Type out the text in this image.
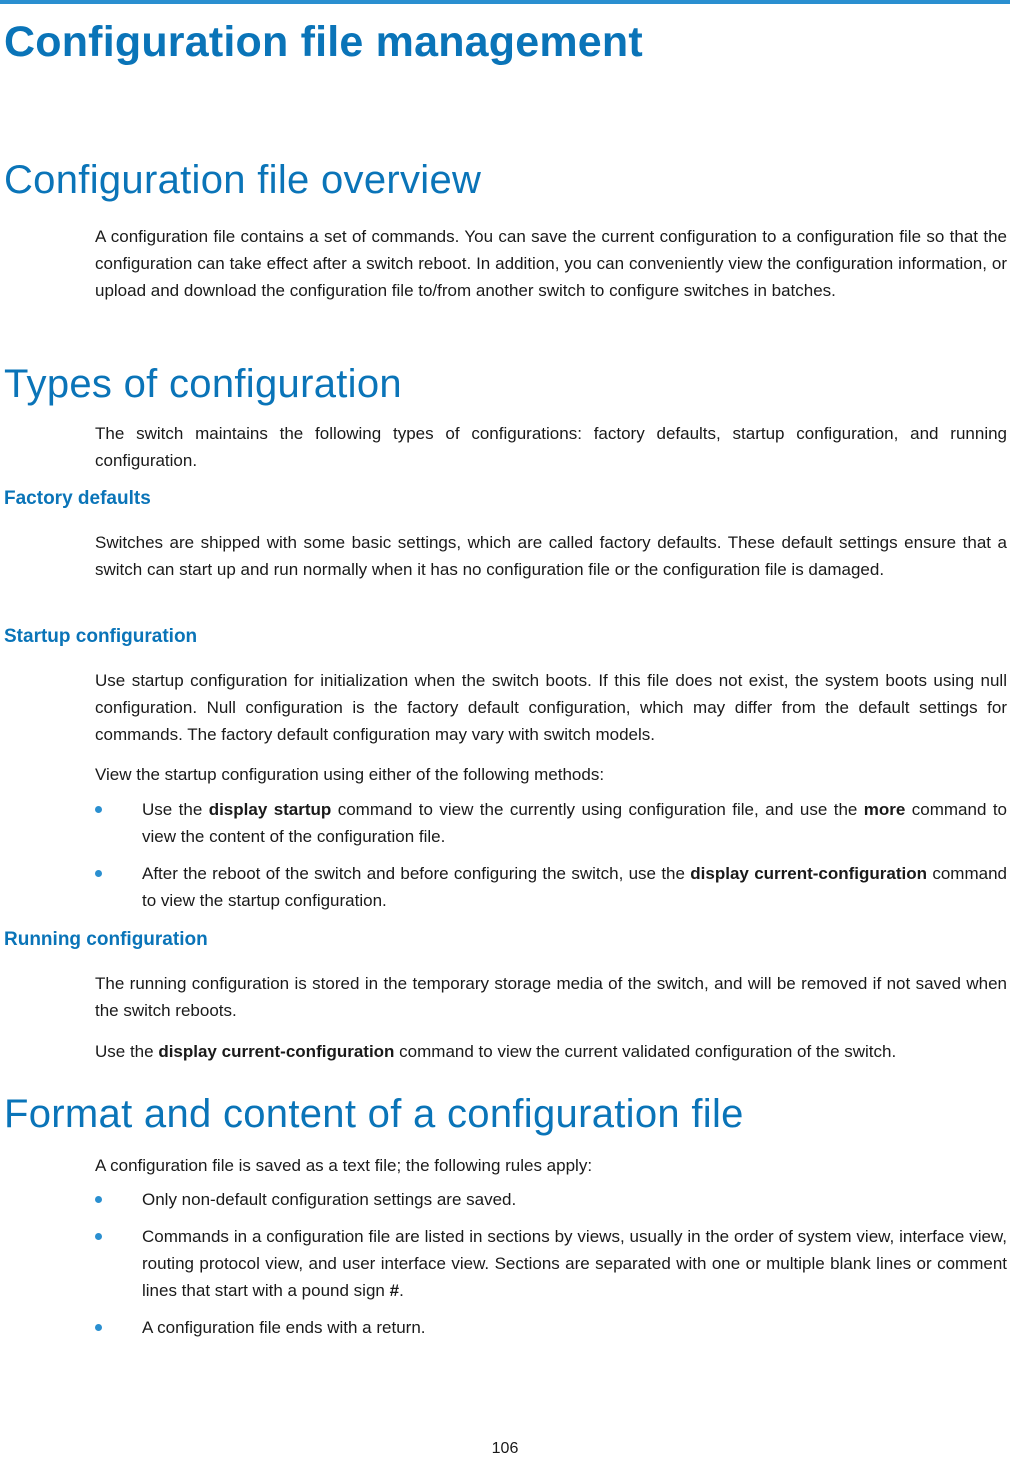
Configuration file management
Configuration file overview

A configuration file contains a set of commands. You can save the current configuration to a configuration file so that the configuration can take effect after a switch reboot. In addition, you can conveniently view the configuration information, or upload and download the configuration file to/from another switch to configure switches in batches.

Types of configuration

The switch maintains the following types of configurations: factory defaults, startup configuration, and running configuration.

Factory defaults

Switches are shipped with some basic settings, which are called factory defaults. These default settings ensure that a switch can start up and run normally when it has no configuration file or the configuration file is damaged.

Startup configuration

Use startup configuration for initialization when the switch boots. If this file does not exist, the system boots using null configuration. Null configuration is the factory default configuration, which may differ from the default settings for commands. The factory default configuration may vary with switch models.

View the startup configuration using either of the following methods:

Use the display startup command to view the currently using configuration file, and use the more command to view the content of the configuration file.
After the reboot of the switch and before configuring the switch, use the display current-configuration command to view the startup configuration.
Running configuration

The running configuration is stored in the temporary storage media of the switch, and will be removed if not saved when the switch reboots.

Use the display current-configuration command to view the current validated configuration of the switch.

Format and content of a configuration file

A configuration file is saved as a text file; the following rules apply:

Only non-default configuration settings are saved.
Commands in a configuration file are listed in sections by views, usually in the order of system view, interface view, routing protocol view, and user interface view. Sections are separated with one or multiple blank lines or comment lines that start with a pound sign #.
A configuration file ends with a return.
106
